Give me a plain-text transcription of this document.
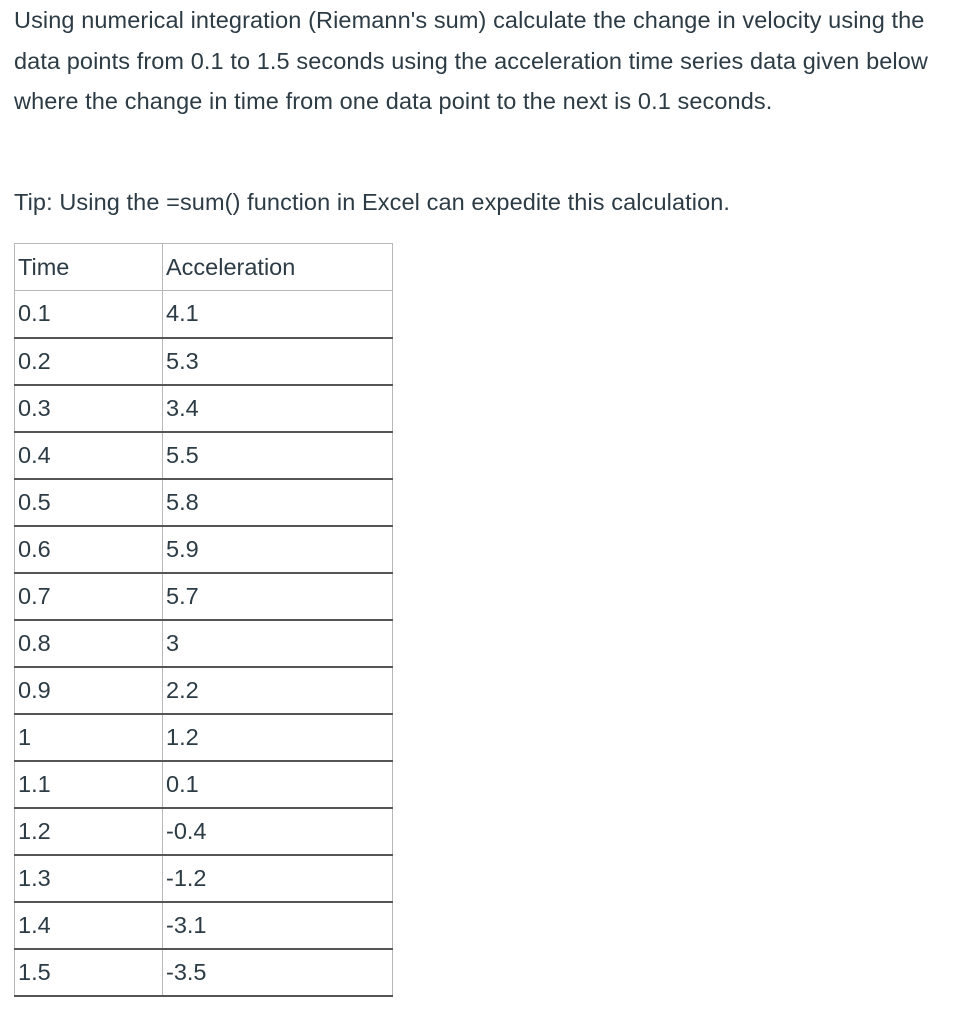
Using numerical integration (Riemann's sum) calculate the change in velocity using the data points from 0.1 to 1.5 seconds using the acceleration time series data given below where the change in time from one data point to the next is 0.1 seconds.

Tip: Using the =sum() function in Excel can expedite this calculation.

Time	Acceleration
0.1	4.1
0.2	5.3
0.3	3.4
0.4	5.5
0.5	5.8
0.6	5.9
0.7	5.7
0.8	3
0.9	2.2
1	1.2
1.1	0.1
1.2	-0.4
1.3	-1.2
1.4	-3.1
1.5	-3.5
